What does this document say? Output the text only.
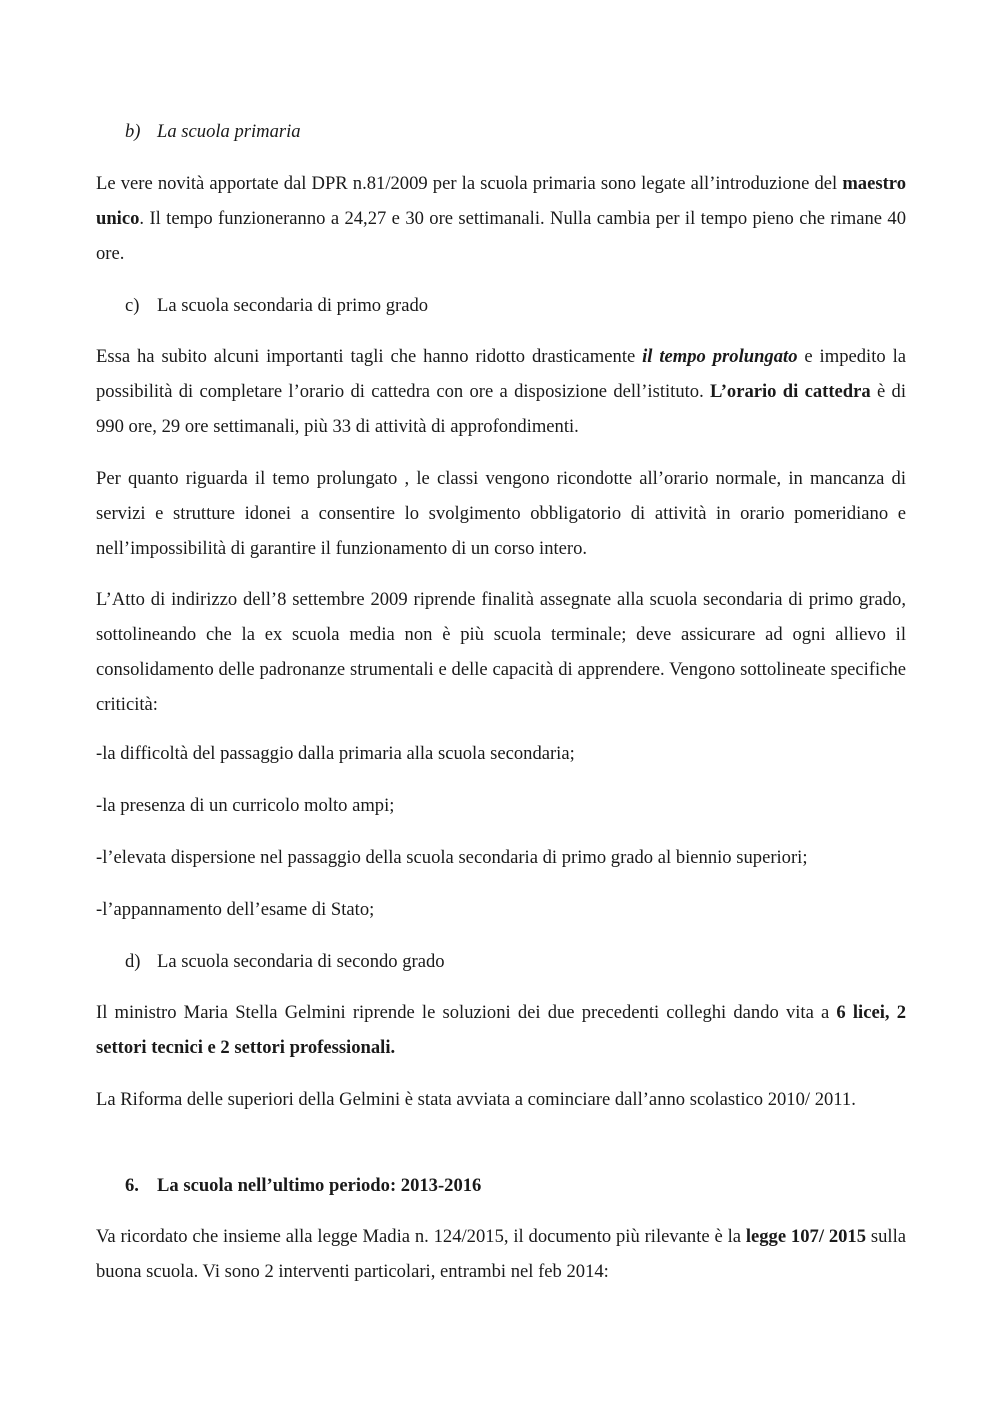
b) La scuola primaria

Le vere novità apportate dal DPR n.81/2009 per la scuola primaria sono legate all’introduzione del maestro unico. Il tempo funzioneranno a 24,27 e 30 ore settimanali. Nulla cambia per il tempo pieno che rimane 40 ore.

c) La scuola secondaria di primo grado

Essa ha subito alcuni importanti tagli che hanno ridotto drasticamente il tempo prolungato e impedito la possibilità di completare l’orario di cattedra con ore a disposizione dell’istituto. L’orario di cattedra è di 990 ore, 29 ore settimanali, più 33 di attività di approfondimenti.

Per quanto riguarda il temo prolungato , le classi vengono ricondotte all’orario normale, in mancanza di servizi e strutture idonei a consentire lo svolgimento obbligatorio di attività in orario pomeridiano e nell’impossibilità di garantire il funzionamento di un corso intero.

L’Atto di indirizzo dell’8 settembre 2009 riprende finalità assegnate alla scuola secondaria di primo grado, sottolineando che la ex scuola media non è più scuola terminale; deve assicurare ad ogni allievo il consolidamento delle padronanze strumentali e delle capacità di apprendere. Vengono sottolineate specifiche criticità:

-la difficoltà del passaggio dalla primaria alla scuola secondaria;

-la presenza di un curricolo molto ampi;

-l’elevata dispersione nel passaggio della scuola secondaria di primo grado al biennio superiori;

-l’appannamento dell’esame di Stato;

d) La scuola secondaria di secondo grado

Il ministro Maria Stella Gelmini riprende le soluzioni dei due precedenti colleghi dando vita a 6 licei, 2 settori tecnici e 2 settori professionali.

La Riforma delle superiori della Gelmini è stata avviata a cominciare dall’anno scolastico 2010/ 2011.

6. La scuola nell’ultimo periodo: 2013-2016

Va ricordato che insieme alla legge Madia n. 124/2015, il documento più rilevante è la legge 107/ 2015 sulla buona scuola. Vi sono 2 interventi particolari, entrambi nel feb 2014:
